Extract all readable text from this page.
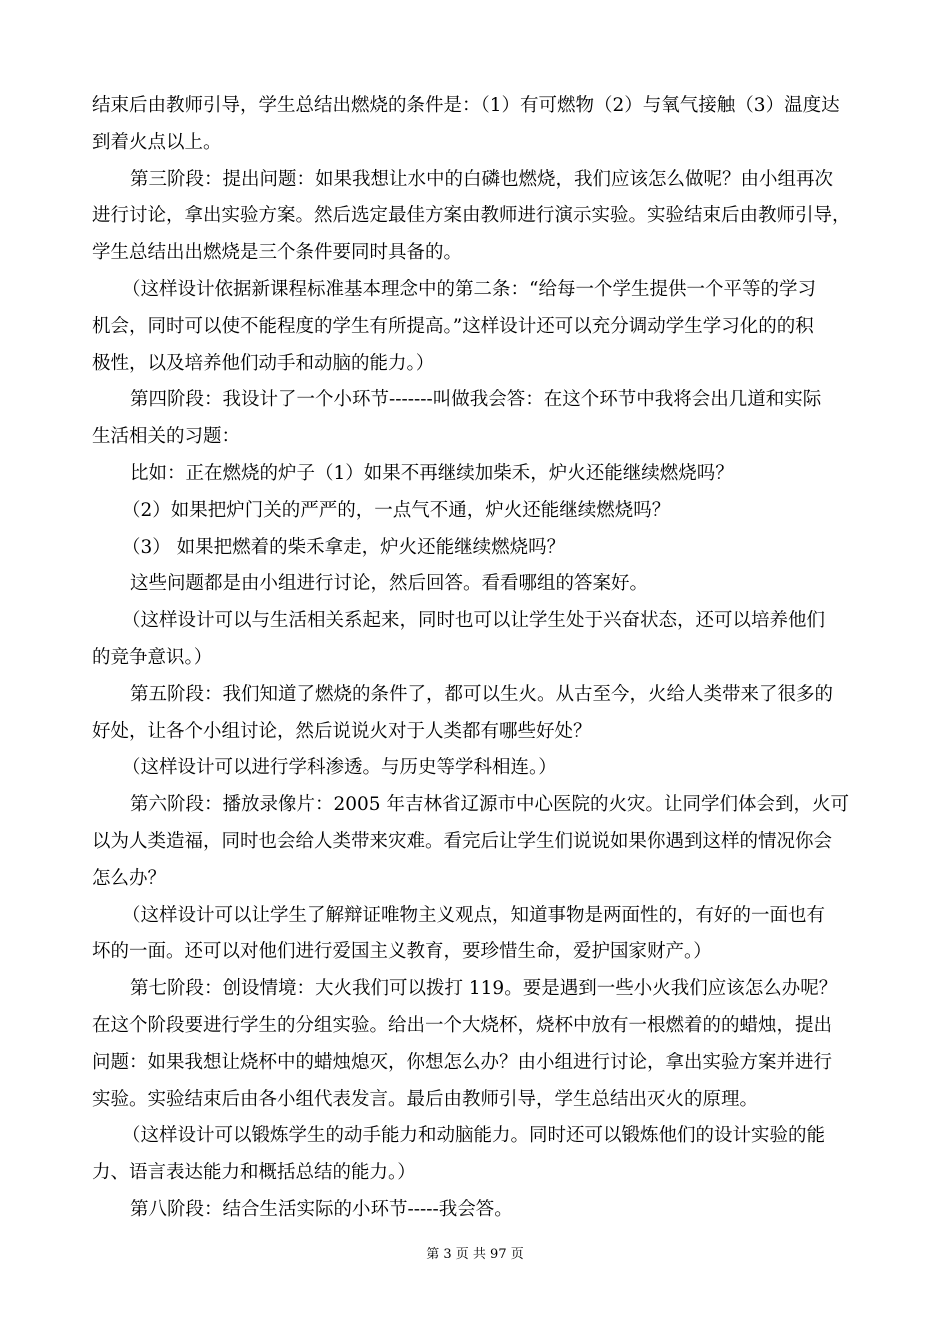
结束后由教师引导，学生总结出燃烧的条件是：（1）有可燃物（2）与氧气接触（3）温度达
到着火点以上。
第三阶段：提出问题：如果我想让水中的白磷也燃烧，我们应该怎么做呢？由小组再次
进行讨论，拿出实验方案。然后选定最佳方案由教师进行演示实验。实验结束后由教师引导，
学生总结出出燃烧是三个条件要同时具备的。
（这样设计依据新课程标准基本理念中的第二条：“给每一个学生提供一个平等的学习
机会，同时可以使不能程度的学生有所提高。”这样设计还可以充分调动学生学习化的的积
极性，以及培养他们动手和动脑的能力。）
第四阶段：我设计了一个小环节-------叫做我会答：在这个环节中我将会出几道和实际
生活相关的习题：
比如：正在燃烧的炉子（1）如果不再继续加柴禾，炉火还能继续燃烧吗？
（2）如果把炉门关的严严的，一点气不通，炉火还能继续燃烧吗？
（3） 如果把燃着的柴禾拿走，炉火还能继续燃烧吗？
这些问题都是由小组进行讨论，然后回答。看看哪组的答案好。
（这样设计可以与生活相关系起来，同时也可以让学生处于兴奋状态，还可以培养他们
的竞争意识。）
第五阶段：我们知道了燃烧的条件了，都可以生火。从古至今，火给人类带来了很多的
好处，让各个小组讨论，然后说说火对于人类都有哪些好处？
（这样设计可以进行学科渗透。与历史等学科相连。）
第六阶段：播放录像片：2005 年吉林省辽源市中心医院的火灾。让同学们体会到，火可
以为人类造福，同时也会给人类带来灾难。看完后让学生们说说如果你遇到这样的情况你会
怎么办？
（这样设计可以让学生了解辩证唯物主义观点，知道事物是两面性的，有好的一面也有
坏的一面。还可以对他们进行爱国主义教育，要珍惜生命，爱护国家财产。）
第七阶段：创设情境：大火我们可以拨打 119。要是遇到一些小火我们应该怎么办呢？
在这个阶段要进行学生的分组实验。给出一个大烧杯，烧杯中放有一根燃着的的蜡烛，提出
问题：如果我想让烧杯中的蜡烛熄灭，你想怎么办？由小组进行讨论，拿出实验方案并进行
实验。实验结束后由各小组代表发言。最后由教师引导，学生总结出灭火的原理。
（这样设计可以锻炼学生的动手能力和动脑能力。同时还可以锻炼他们的设计实验的能
力、语言表达能力和概括总结的能力。）
第八阶段：结合生活实际的小环节-----我会答。
第 3 页 共 97 页
